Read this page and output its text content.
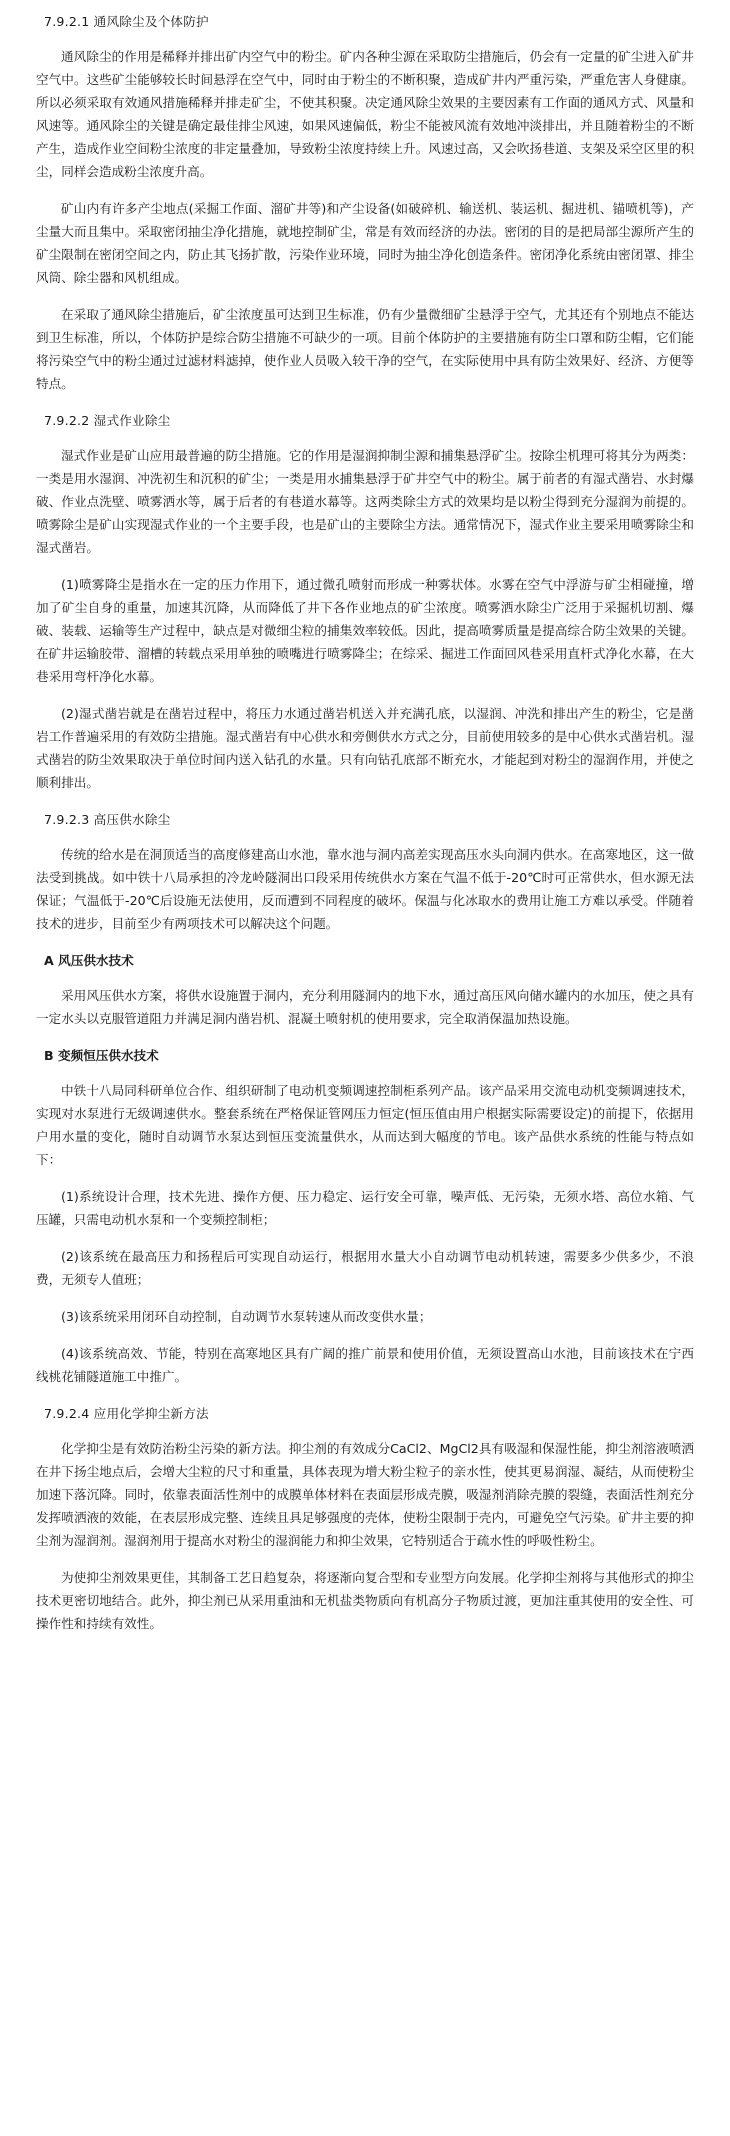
7.9.2.1 通风除尘及个体防护

通风除尘的作用是稀释并排出矿内空气中的粉尘。矿内各种尘源在采取防尘措施后，仍会有一定量的矿尘进入矿井空气中。这些矿尘能够较长时间悬浮在空气中，同时由于粉尘的不断积聚，造成矿井内严重污染，严重危害人身健康。所以必须采取有效通风措施稀释并排走矿尘，不使其积聚。决定通风除尘效果的主要因素有工作面的通风方式、风量和风速等。通风除尘的关键是确定最佳排尘风速，如果风速偏低，粉尘不能被风流有效地冲淡排出，并且随着粉尘的不断产生，造成作业空间粉尘浓度的非定量叠加，导致粉尘浓度持续上升。风速过高，又会吹扬巷道、支架及采空区里的积尘，同样会造成粉尘浓度升高。

矿山内有许多产尘地点(采掘工作面、溜矿井等)和产尘设备(如破碎机、输送机、装运机、掘进机、锚喷机等)，产尘量大而且集中。采取密闭抽尘净化措施，就地控制矿尘，常是有效而经济的办法。密闭的目的是把局部尘源所产生的矿尘限制在密闭空间之内，防止其飞扬扩散，污染作业环境，同时为抽尘净化创造条件。密闭净化系统由密闭罩、排尘风筒、除尘器和风机组成。

在采取了通风除尘措施后，矿尘浓度虽可达到卫生标准，仍有少量微细矿尘悬浮于空气，尤其还有个别地点不能达到卫生标准，所以，个体防护是综合防尘措施不可缺少的一项。目前个体防护的主要措施有防尘口罩和防尘帽，它们能将污染空气中的粉尘通过过滤材料滤掉，使作业人员吸入较干净的空气，在实际使用中具有防尘效果好、经济、方便等特点。

7.9.2.2 湿式作业除尘

湿式作业是矿山应用最普遍的防尘措施。它的作用是湿润抑制尘源和捕集悬浮矿尘。按除尘机理可将其分为两类：一类是用水湿润、冲洗初生和沉积的矿尘；一类是用水捕集悬浮于矿井空气中的粉尘。属于前者的有湿式凿岩、水封爆破、作业点洗壁、喷雾洒水等，属于后者的有巷道水幕等。这两类除尘方式的效果均是以粉尘得到充分湿润为前提的。喷雾除尘是矿山实现湿式作业的一个主要手段，也是矿山的主要除尘方法。通常情况下，湿式作业主要采用喷雾除尘和湿式凿岩。

(1)喷雾降尘是指水在一定的压力作用下，通过微孔喷射而形成一种雾状体。水雾在空气中浮游与矿尘相碰撞，增加了矿尘自身的重量，加速其沉降，从而降低了井下各作业地点的矿尘浓度。喷雾洒水除尘广泛用于采掘机切割、爆破、装载、运输等生产过程中，缺点是对微细尘粒的捕集效率较低。因此，提高喷雾质量是提高综合防尘效果的关键。在矿井运输胶带、溜槽的转载点采用单独的喷嘴进行喷雾降尘；在综采、掘进工作面回风巷采用直杆式净化水幕，在大巷采用弯杆净化水幕。

(2)湿式凿岩就是在凿岩过程中，将压力水通过凿岩机送入并充满孔底，以湿润、冲洗和排出产生的粉尘，它是凿岩工作普遍采用的有效防尘措施。湿式凿岩有中心供水和旁侧供水方式之分，目前使用较多的是中心供水式凿岩机。湿式凿岩的防尘效果取决于单位时间内送入钻孔的水量。只有向钻孔底部不断充水，才能起到对粉尘的湿润作用，并使之顺利排出。

7.9.2.3 高压供水除尘

传统的给水是在洞顶适当的高度修建高山水池，靠水池与洞内高差实现高压水头向洞内供水。在高寒地区，这一做法受到挑战。如中铁十八局承担的冷龙岭隧洞出口段采用传统供水方案在气温不低于-20℃时可正常供水，但水源无法保证；气温低于-20℃后设施无法使用，反而遭到不同程度的破坏。保温与化冰取水的费用让施工方难以承受。伴随着技术的进步，目前至少有两项技术可以解决这个问题。

A 风压供水技术

采用风压供水方案，将供水设施置于洞内，充分利用隧洞内的地下水，通过高压风向储水罐内的水加压，使之具有一定水头以克服管道阻力并满足洞内凿岩机、混凝土喷射机的使用要求，完全取消保温加热设施。

B 变频恒压供水技术

中铁十八局同科研单位合作、组织研制了电动机变频调速控制柜系列产品。该产品采用交流电动机变频调速技术，实现对水泵进行无级调速供水。整套系统在严格保证管网压力恒定(恒压值由用户根据实际需要设定)的前提下，依据用户用水量的变化，随时自动调节水泵达到恒压变流量供水，从而达到大幅度的节电。该产品供水系统的性能与特点如下：

(1)系统设计合理，技术先进、操作方便、压力稳定、运行安全可靠，噪声低、无污染，无须水塔、高位水箱、气压罐，只需电动机水泵和一个变频控制柜；

(2)该系统在最高压力和扬程后可实现自动运行，根据用水量大小自动调节电动机转速，需要多少供多少，不浪费，无须专人值班；

(3)该系统采用闭环自动控制，自动调节水泵转速从而改变供水量；

(4)该系统高效、节能，特别在高寒地区具有广阔的推广前景和使用价值，无须设置高山水池，目前该技术在宁西线桃花铺隧道施工中推广。

7.9.2.4 应用化学抑尘新方法

化学抑尘是有效防治粉尘污染的新方法。抑尘剂的有效成分CaCl2、MgCl2具有吸湿和保湿性能，抑尘剂溶液喷洒在井下扬尘地点后，会增大尘粒的尺寸和重量，具体表现为增大粉尘粒子的亲水性，使其更易润湿、凝结，从而使粉尘加速下落沉降。同时，依靠表面活性剂中的成膜单体材料在表面层形成壳膜，吸湿剂消除壳膜的裂缝，表面活性剂充分发挥喷洒液的效能，在表层形成完整、连续且具足够强度的壳体，使粉尘限制于壳内，可避免空气污染。矿井主要的抑尘剂为湿润剂。湿润剂用于提高水对粉尘的湿润能力和抑尘效果，它特别适合于疏水性的呼吸性粉尘。

为使抑尘剂效果更佳，其制备工艺日趋复杂，将逐渐向复合型和专业型方向发展。化学抑尘剂将与其他形式的抑尘技术更密切地结合。此外，抑尘剂已从采用重油和无机盐类物质向有机高分子物质过渡，更加注重其使用的安全性、可操作性和持续有效性。
